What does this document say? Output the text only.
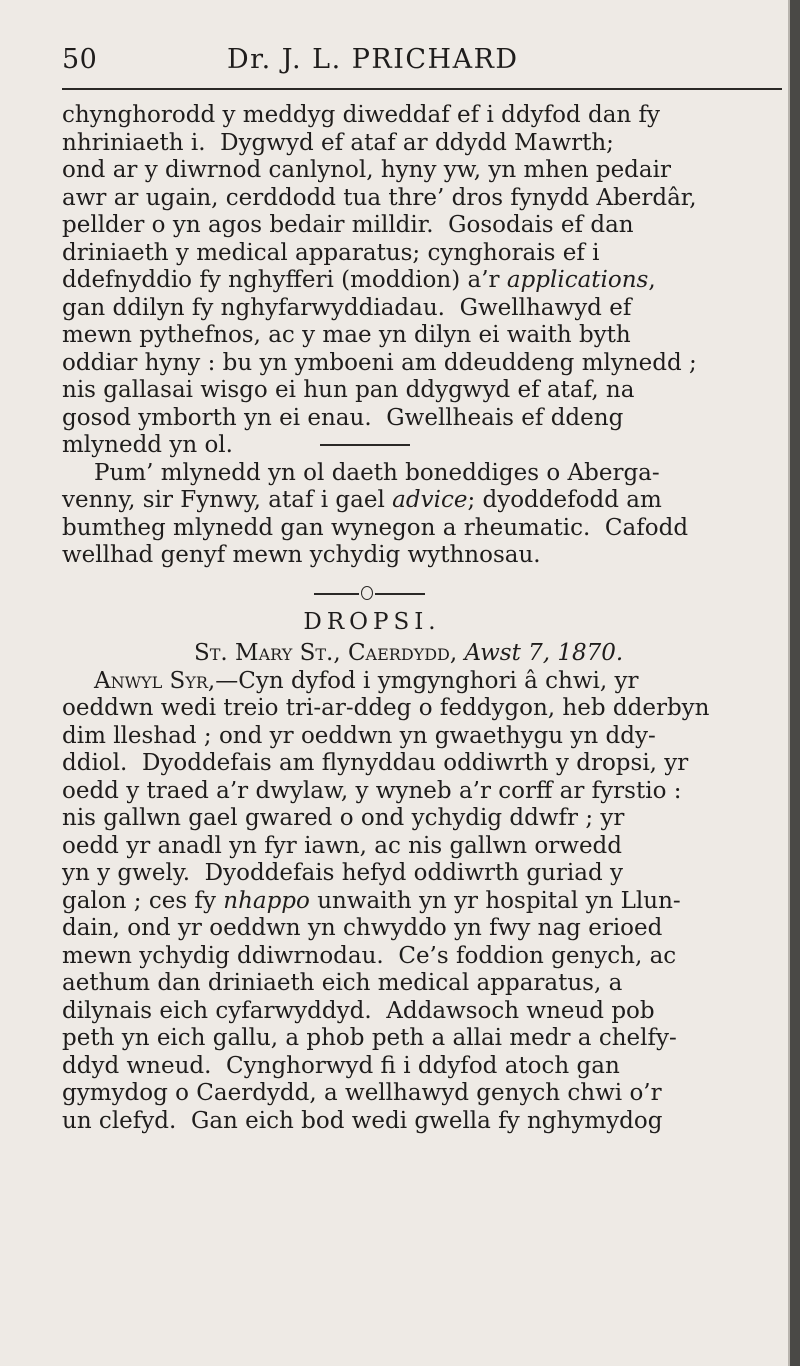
50	Dr. J. L. PRICHARD
chynghorodd y meddyg diweddaf ef i ddyfod dan fy
nhriniaeth i.  Dygwyd ef ataf ar ddydd Mawrth;
ond ar y diwrnod canlynol, hyny yw, yn mhen pedair
awr ar ugain, cerddodd tua thre’ dros fynydd Aberdâr,
pellder o yn agos bedair milldir.  Gosodais ef dan
driniaeth y medical apparatus; cynghorais ef i
ddefnyddio fy nghyfferi (moddion) a’r applications,
gan ddilyn fy nghyfarwyddiadau.  Gwellhawyd ef
mewn pythefnos, ac y mae yn dilyn ei waith byth
oddiar hyny : bu yn ymboeni am ddeuddeng mlynedd ;
nis gallasai wisgo ei hun pan ddygwyd ef ataf, na
gosod ymborth yn ei enau.  Gwellheais ef ddeng
mlynedd yn ol.
Pum’ mlynedd yn ol daeth boneddiges o Aberga-
venny, sir Fynwy, ataf i gael advice; dyoddefodd am
bumtheg mlynedd gan wynegon a rheumatic.  Cafodd
wellhad genyf mewn ychydig wythnosau.
DROPSI.
St. Mary St., Caerdydd, Awst 7, 1870.
Anwyl Syr,—Cyn dyfod i ymgynghori â chwi, yr
oeddwn wedi treio tri-ar-ddeg o feddygon, heb dderbyn
dim lleshad ; ond yr oeddwn yn gwaethygu yn ddy-
ddiol.  Dyoddefais am flynyddau oddiwrth y dropsi, yr
oedd y traed a’r dwylaw, y wyneb a’r corff ar fyrstio :
nis gallwn gael gwared o ond ychydig ddwfr ; yr
oedd yr anadl yn fyr iawn, ac nis gallwn orwedd
yn y gwely.  Dyoddefais hefyd oddiwrth guriad y
galon ; ces fy nhappo unwaith yn yr hospital yn Llun-
dain, ond yr oeddwn yn chwyddo yn fwy nag erioed
mewn ychydig ddiwrnodau.  Ce’s foddion genych, ac
aethum dan driniaeth eich medical apparatus, a
dilynais eich cyfarwyddyd.  Addawsoch wneud pob
peth yn eich gallu, a phob peth a allai medr a chelfy-
ddyd wneud.  Cynghorwyd fi i ddyfod atoch gan
gymydog o Caerdydd, a wellhawyd genych chwi o’r
un clefyd.  Gan eich bod wedi gwella fy nghymydog
